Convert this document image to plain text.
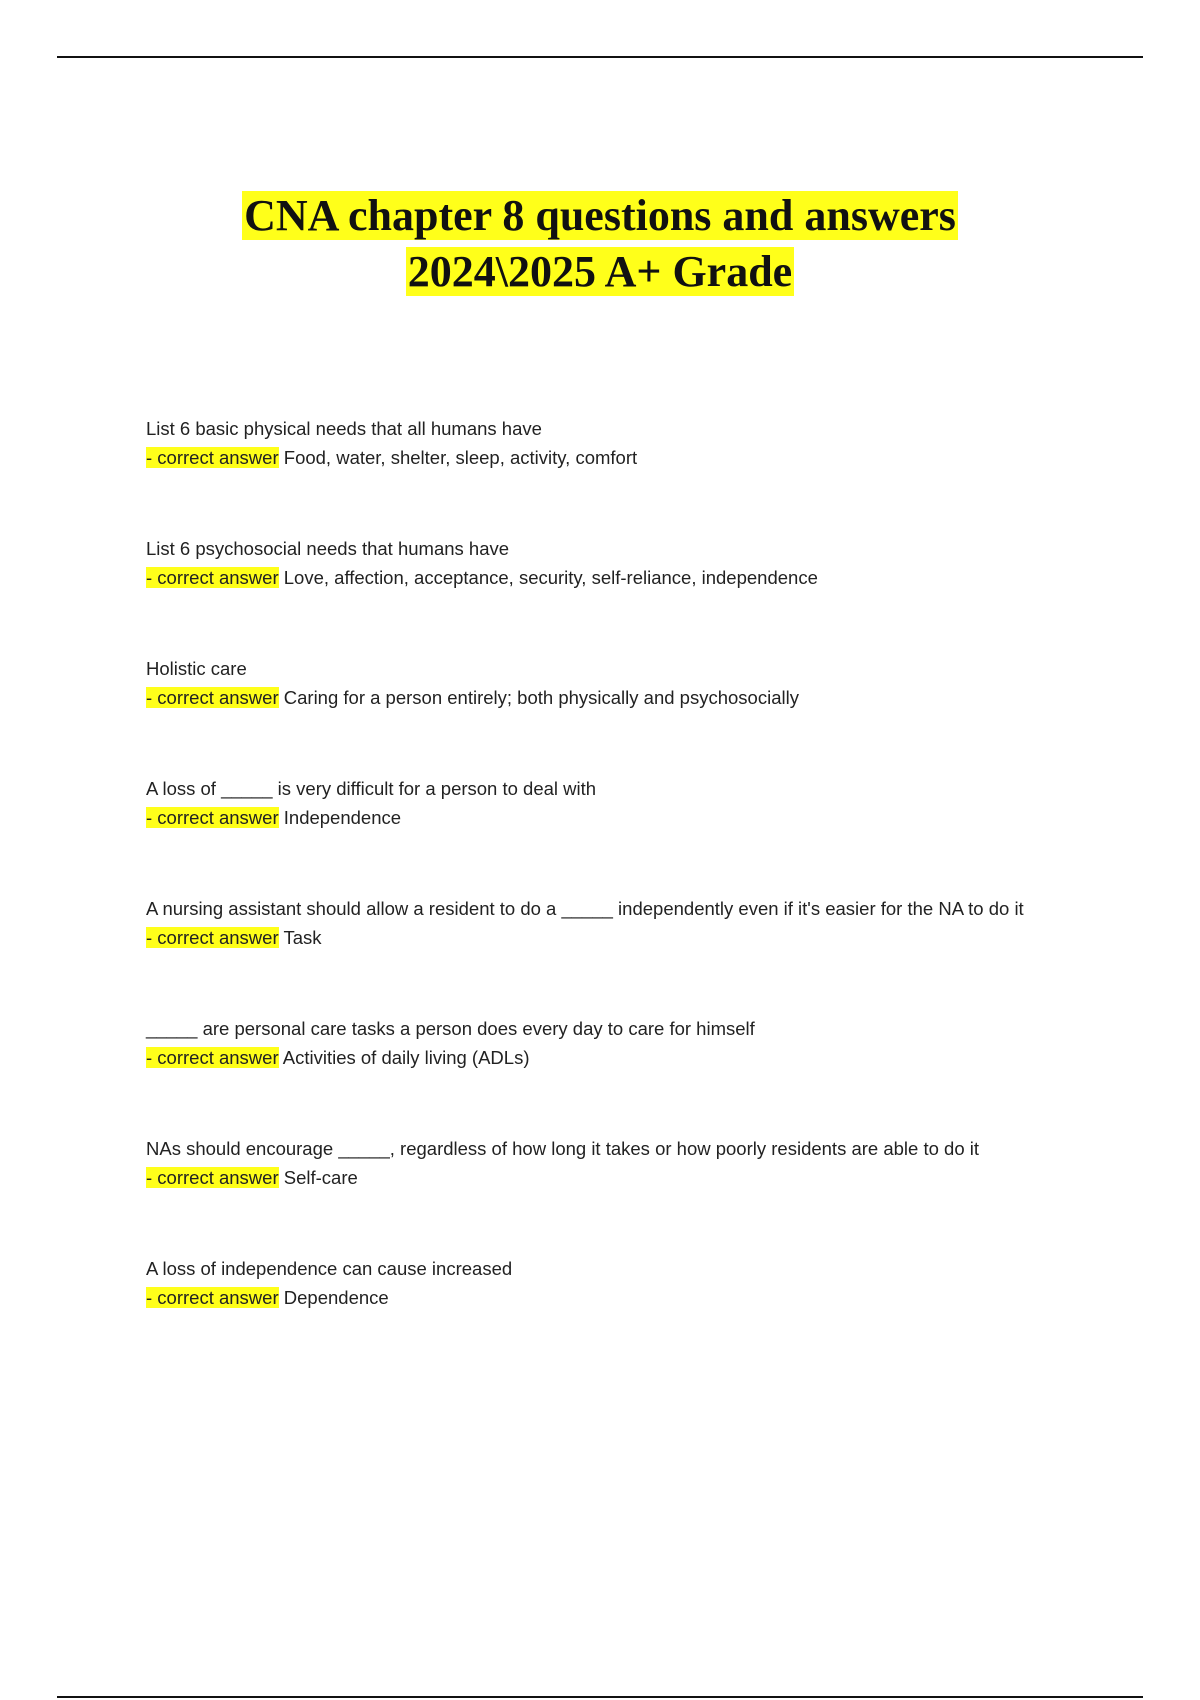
CNA chapter 8 questions and answers
2024\2025 A+ Grade
List 6 basic physical needs that all humans have
- correct answer Food, water, shelter, sleep, activity, comfort
List 6 psychosocial needs that humans have
- correct answer Love, affection, acceptance, security, self-reliance, independence
Holistic care
- correct answer Caring for a person entirely; both physically and psychosocially
A loss of _____ is very difficult for a person to deal with
- correct answer Independence
A nursing assistant should allow a resident to do a _____ independently even if it's easier for the NA to do it
- correct answer Task
_____ are personal care tasks a person does every day to care for himself
- correct answer Activities of daily living (ADLs)
NAs should encourage _____, regardless of how long it takes or how poorly residents are able to do it
- correct answer Self-care
A loss of independence can cause increased
- correct answer Dependence
